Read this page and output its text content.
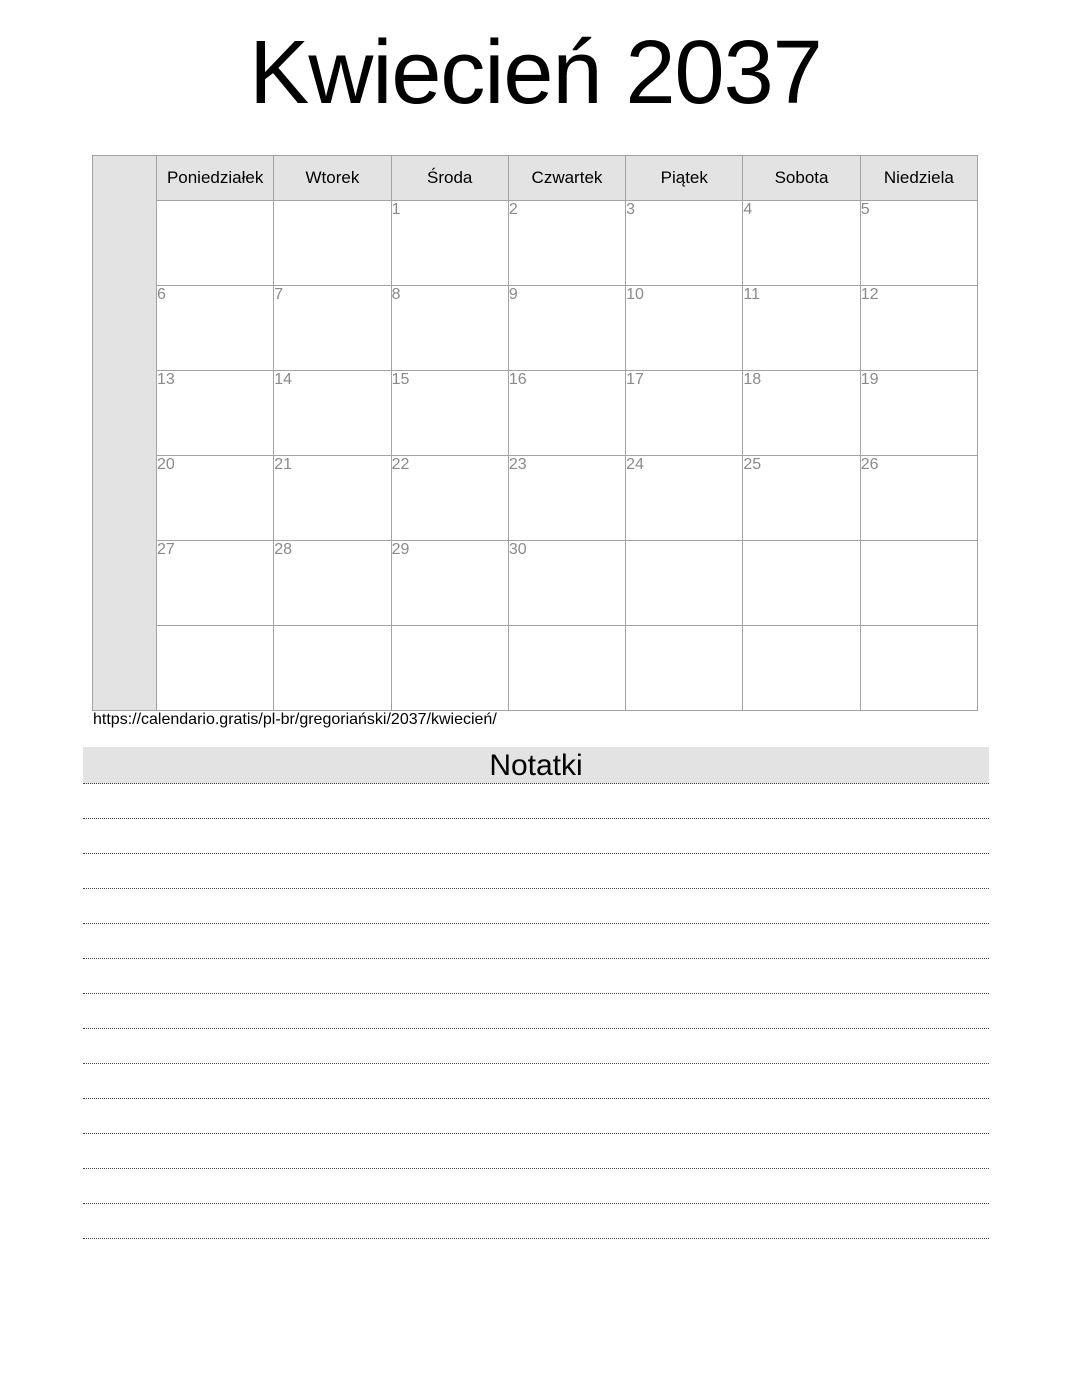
Kwiecień 2037
	Poniedziałek	Wtorek	Środa	Czwartek	Piątek	Sobota	Niedziela
			1	2	3	4	5
	6	7	8	9	10	11	12
	13	14	15	16	17	18	19
	20	21	22	23	24	25	26
	27	28	29	30			

https://calendario.gratis/pl-br/gregoriański/2037/kwiecień/
Notatki
